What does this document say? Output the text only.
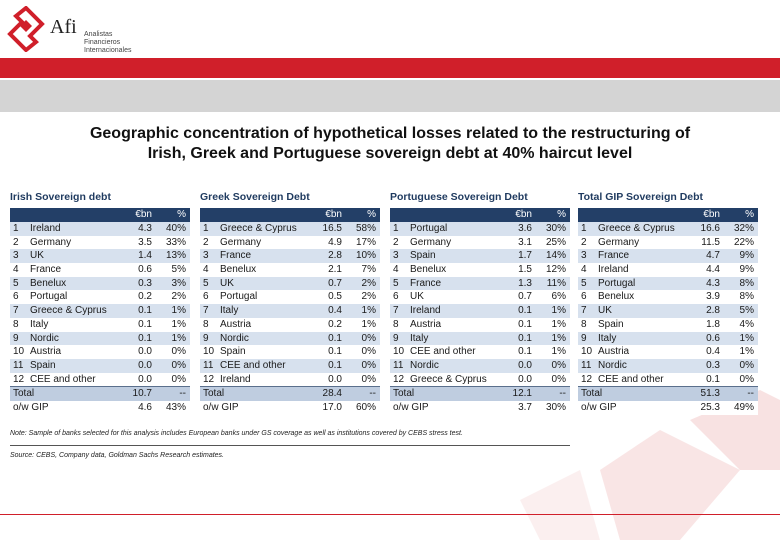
Afi Analistas
Financieros
Internacionales
Geographic concentration of hypothetical losses related to the restructuring of
Irish, Greek and Portuguese sovereign debt at 40% haircut level
Irish Sovereign debt
€bn	%
1	Ireland	4.3	40%
2	Germany	3.5	33%
3	UK	1.4	13%
4	France	0.6	5%
5	Benelux	0.3	3%
6	Portugal	0.2	2%
7	Greece & Cyprus	0.1	1%
8	Italy	0.1	1%
9	Nordic	0.1	1%
10 Austria	0.0	0%
11 Spain	0.0	0%
12 CEE and other	0.0	0%
Total	10.7	--
o/w GIP	4.6	43%
Greek Sovereign Debt
€bn	%
1	Greece & Cyprus	16.5	58%
2	Germany	4.9	17%
3	France	2.8	10%
4	Benelux	2.1	7%
5	UK	0.7	2%
6	Portugal	0.5	2%
7	Italy	0.4	1%
8	Austria	0.2	1%
9	Nordic	0.1	0%
10 Spain	0.1	0%
11 CEE and other	0.1	0%
12 Ireland	0.0	0%
Total	28.4	--
o/w GIP	17.0	60%
Portuguese Sovereign Debt
€bn	%
1	Portugal	3.6	30%
2	Germany	3.1	25%
3	Spain	1.7	14%
4	Benelux	1.5	12%
5	France	1.3	11%
6	UK	0.7	6%
7	Ireland	0.1	1%
8	Austria	0.1	1%
9	Italy	0.1	1%
10 CEE and other	0.1	1%
11 Nordic	0.0	0%
12 Greece & Cyprus	0.0	0%
Total	12.1	--
o/w GIP	3.7	30%
Total GIP Sovereign Debt
€bn	%
1	Greece & Cyprus	16.6	32%
2	Germany	11.5	22%
3	France	4.7	9%
4	Ireland	4.4	9%
5	Portugal	4.3	8%
6	Benelux	3.9	8%
7	UK	2.8	5%
8	Spain	1.8	4%
9	Italy	0.6	1%
10 Austria	0.4	1%
11 Nordic	0.3	0%
12 CEE and other	0.1	0%
Total	51.3	--
o/w GIP	25.3	49%
Note: Sample of banks selected for this analysis includes European banks under GS coverage as well as institutions covered by CEBS stress test.
Source: CEBS, Company data, Goldman Sachs Research estimates.
